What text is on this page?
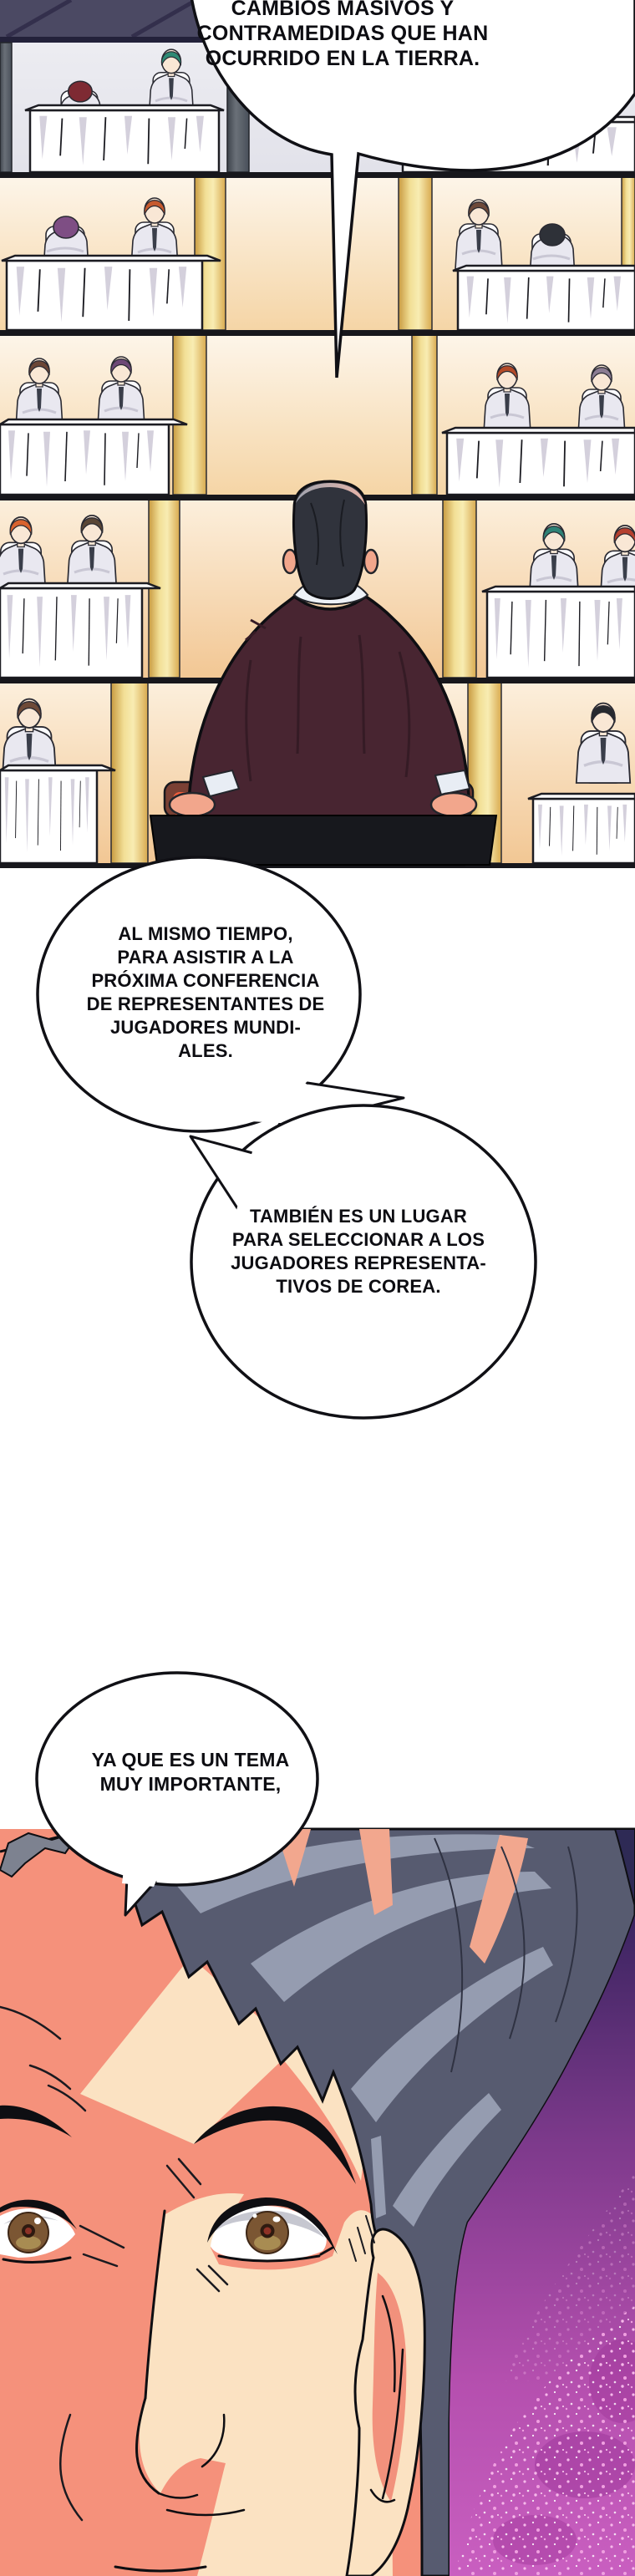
CAMBIOS MASIVOS Y
CONTRAMEDIDAS QUE HAN
OCURRIDO EN LA TIERRA.
AL MISMO TIEMPO,
PARA ASISTIR A LA
PRÓXIMA CONFERENCIA
DE REPRESENTANTES DE
JUGADORES MUNDI-
ALES.
TAMBIÉN ES UN LUGAR
PARA SELECCIONAR A LOS
JUGADORES REPRESENTA-
TIVOS DE COREA.
YA QUE ES UN TEMA
MUY IMPORTANTE,
